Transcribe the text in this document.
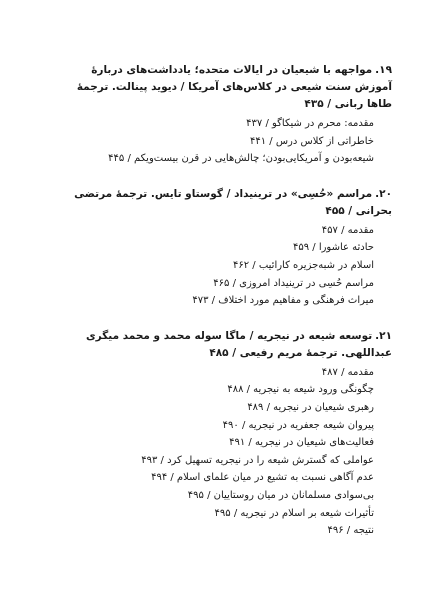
۱۹.مواجهه با شیعیان در ایالات متحده؛ یادداشت‌های دربارهٔ آموزش سنت شیعی در کلاس‌های آمریکا / دیوید پینالت. ترجمهٔ طاها ربانی / ۴۳۵

مقدمه: محرم در شیکاگو / ۴۳۷
خاطراتی از کلاس درس / ۴۴۱
شیعه‌بودن و آمریکایی‌بودن؛ چالش‌هایی در قرن بیست‌ویکم / ۴۴۵

۲۰.مراسم «حُسِی» در ترینیداد / گوستاو تایس. ترجمهٔ مرتضی بحرانی / ۴۵۵

مقدمه / ۴۵۷
حادثه عاشورا / ۴۵۹
اسلام در شبه‌جزیره کارائیب / ۴۶۲
مراسم حُسِی در ترینیداد امروزی / ۴۶۵
میراث فرهنگی و مفاهیم مورد اختلاف / ۴۷۳

۲۱.توسعه شیعه در نیجریه / ماگا سوله محمد و محمد میگری عبداللهی. ترجمهٔ مریم رفیعی / ۴۸۵

مقدمه / ۴۸۷
چگونگی ورود شیعه به نیجریه / ۴۸۸
رهبری شیعیان در نیجریه / ۴۸۹
پیروان شیعه جعفریه در نیجریه / ۴۹۰
فعالیت‌های شیعیان در نیجریه / ۴۹۱
عواملی که گسترش شیعه را در نیجریه تسهیل کرد / ۴۹۳
عدم آگاهی نسبت به تشیع در میان علمای اسلام / ۴۹۴
بی‌سوادی مسلمانان در میان روستاییان / ۴۹۵
تأثیرات شیعه بر اسلام در نیجریه / ۴۹۵
نتیجه / ۴۹۶
